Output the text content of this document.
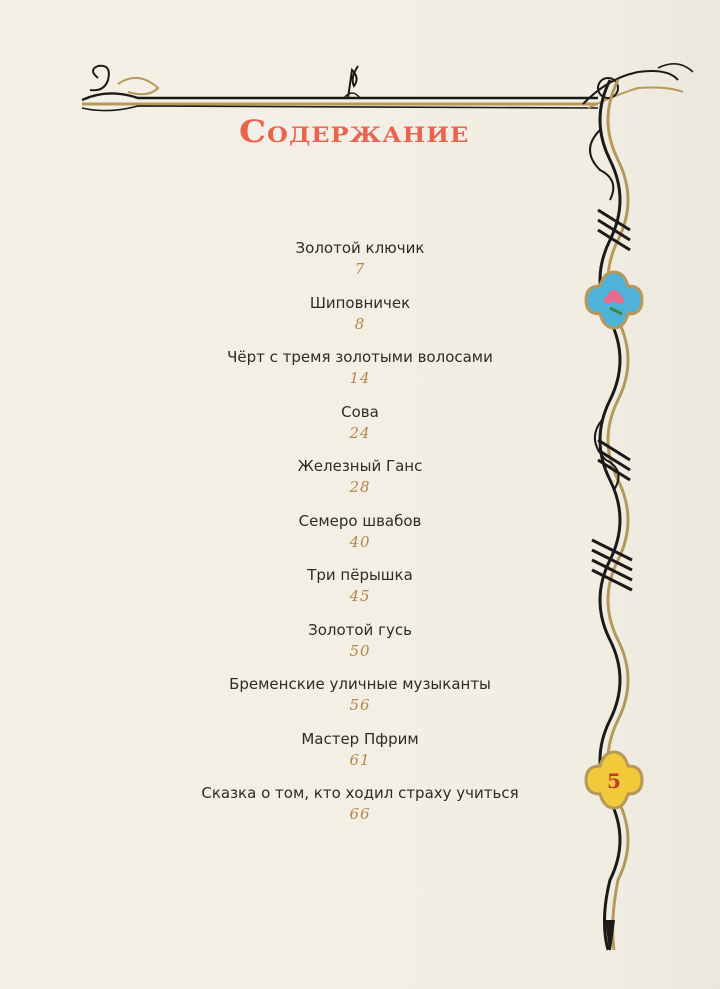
5
Содержание
Золотой ключик
7
Шиповничек
8
Чёрт с тремя золотыми волосами
14
Сова
24
Железный Ганс
28
Семеро швабов
40
Три пёрышка
45
Золотой гусь
50
Бременские уличные музыканты
56
Мастер Пфрим
61
Сказка о том, кто ходил страху учиться
66
